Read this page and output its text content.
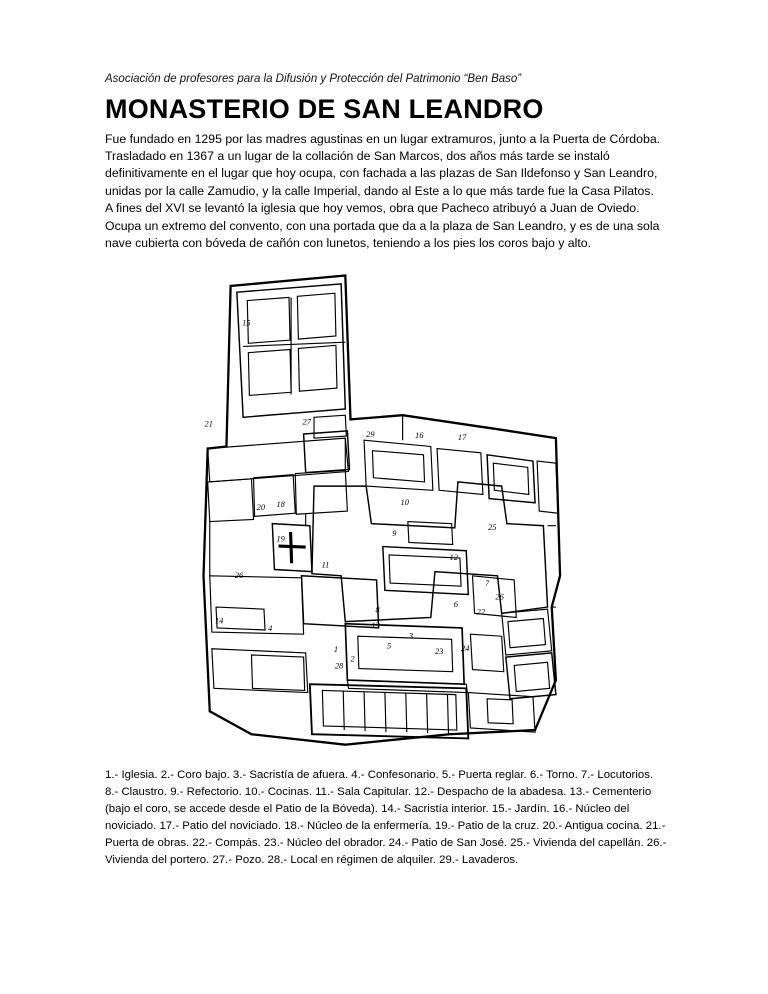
Asociación de profesores para la Difusión y Protección del Patrimonio “Ben Baso”
MONASTERIO DE SAN LEANDRO

Fue fundado en 1295 por las madres agustinas en un lugar extramuros, junto a la Puerta de Córdoba. Trasladado en 1367 a un lugar de la collación de San Marcos, dos años más tarde se instaló definitivamente en el lugar que hoy ocupa, con fachada a las plazas de San Ildefonso y San Leandro, unidas por la calle Zamudio, y la calle Imperial, dando al Este a lo que más tarde fue la Casa Pilatos.

A fines del XVI se levantó la iglesia que hoy vemos, obra que Pacheco atribuyó a Juan de Oviedo. Ocupa un extremo del convento, con una portada que da a la plaza de San Leandro, y es de una sola nave cubierta con bóveda de cañón con lunetos, teniendo a los pies los coros bajo y alto.

15
21	27
29	16	17
20 18	10
19
9
25
11
12
26
7
6
26
8	22
14
4	13
3
5
23 24
1
2
28
1.- Iglesia. 2.- Coro bajo. 3.- Sacristía de afuera. 4.- Confesonario. 5.- Puerta reglar. 6.- Torno. 7.- Locutorios. 8.- Claustro. 9.- Refectorio. 10.- Cocinas. 11.- Sala Capitular. 12.- Despacho de la abadesa. 13.- Cementerio (bajo el coro, se accede desde el Patio de la Bóveda). 14.- Sacristía interior. 15.- Jardín. 16.- Núcleo del noviciado. 17.- Patio del noviciado. 18.- Núcleo de la enfermería. 19.- Patio de la cruz. 20.- Antigua cocina. 21.- Puerta de obras. 22.- Compás. 23.- Núcleo del obrador. 24.- Patio de San José. 25.- Vivienda del capellán. 26.- Vivienda del portero. 27.- Pozo. 28.- Local en régimen de alquiler. 29.- Lavaderos.
